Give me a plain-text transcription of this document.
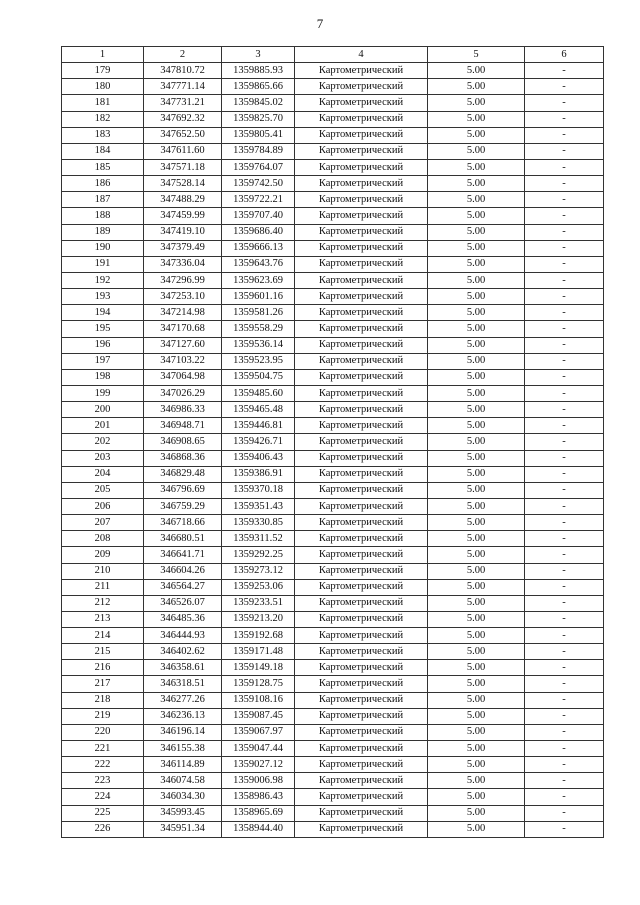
7
1	2	3	4	5	6
179	347810.72	1359885.93	Картометрический	5.00	-
180	347771.14	1359865.66	Картометрический	5.00	-
181	347731.21	1359845.02	Картометрический	5.00	-
182	347692.32	1359825.70	Картометрический	5.00	-
183	347652.50	1359805.41	Картометрический	5.00	-
184	347611.60	1359784.89	Картометрический	5.00	-
185	347571.18	1359764.07	Картометрический	5.00	-
186	347528.14	1359742.50	Картометрический	5.00	-
187	347488.29	1359722.21	Картометрический	5.00	-
188	347459.99	1359707.40	Картометрический	5.00	-
189	347419.10	1359686.40	Картометрический	5.00	-
190	347379.49	1359666.13	Картометрический	5.00	-
191	347336.04	1359643.76	Картометрический	5.00	-
192	347296.99	1359623.69	Картометрический	5.00	-
193	347253.10	1359601.16	Картометрический	5.00	-
194	347214.98	1359581.26	Картометрический	5.00	-
195	347170.68	1359558.29	Картометрический	5.00	-
196	347127.60	1359536.14	Картометрический	5.00	-
197	347103.22	1359523.95	Картометрический	5.00	-
198	347064.98	1359504.75	Картометрический	5.00	-
199	347026.29	1359485.60	Картометрический	5.00	-
200	346986.33	1359465.48	Картометрический	5.00	-
201	346948.71	1359446.81	Картометрический	5.00	-
202	346908.65	1359426.71	Картометрический	5.00	-
203	346868.36	1359406.43	Картометрический	5.00	-
204	346829.48	1359386.91	Картометрический	5.00	-
205	346796.69	1359370.18	Картометрический	5.00	-
206	346759.29	1359351.43	Картометрический	5.00	-
207	346718.66	1359330.85	Картометрический	5.00	-
208	346680.51	1359311.52	Картометрический	5.00	-
209	346641.71	1359292.25	Картометрический	5.00	-
210	346604.26	1359273.12	Картометрический	5.00	-
211	346564.27	1359253.06	Картометрический	5.00	-
212	346526.07	1359233.51	Картометрический	5.00	-
213	346485.36	1359213.20	Картометрический	5.00	-
214	346444.93	1359192.68	Картометрический	5.00	-
215	346402.62	1359171.48	Картометрический	5.00	-
216	346358.61	1359149.18	Картометрический	5.00	-
217	346318.51	1359128.75	Картометрический	5.00	-
218	346277.26	1359108.16	Картометрический	5.00	-
219	346236.13	1359087.45	Картометрический	5.00	-
220	346196.14	1359067.97	Картометрический	5.00	-
221	346155.38	1359047.44	Картометрический	5.00	-
222	346114.89	1359027.12	Картометрический	5.00	-
223	346074.58	1359006.98	Картометрический	5.00	-
224	346034.30	1358986.43	Картометрический	5.00	-
225	345993.45	1358965.69	Картометрический	5.00	-
226	345951.34	1358944.40	Картометрический	5.00	-
